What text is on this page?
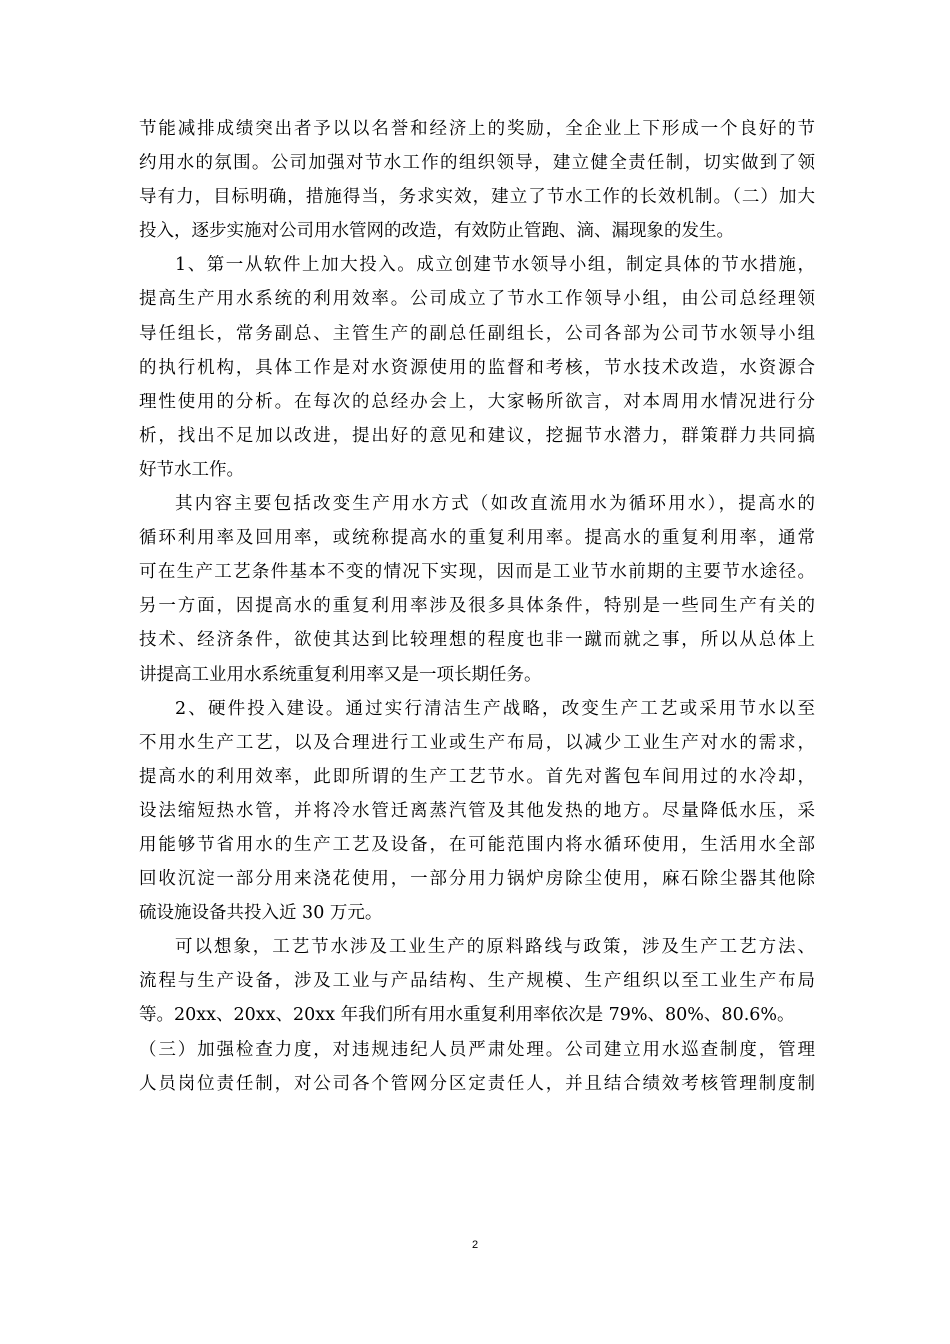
节能减排成绩突出者予以以名誉和经济上的奖励，全企业上下形成一个良好的节
约用水的氛围。公司加强对节水工作的组织领导，建立健全责任制，切实做到了领
导有力，目标明确，措施得当，务求实效，建立了节水工作的长效机制。（二）加大
投入，逐步实施对公司用水管网的改造，有效防止管跑、滴、漏现象的发生。
1、第一从软件上加大投入。成立创建节水领导小组，制定具体的节水措施，
提高生产用水系统的利用效率。公司成立了节水工作领导小组，由公司总经理领
导任组长，常务副总、主管生产的副总任副组长，公司各部为公司节水领导小组
的执行机构，具体工作是对水资源使用的监督和考核，节水技术改造，水资源合
理性使用的分析。在每次的总经办会上，大家畅所欲言，对本周用水情况进行分
析，找出不足加以改进，提出好的意见和建议，挖掘节水潜力，群策群力共同搞
好节水工作。
其内容主要包括改变生产用水方式（如改直流用水为循环用水），提高水的
循环利用率及回用率，或统称提高水的重复利用率。提高水的重复利用率，通常
可在生产工艺条件基本不变的情况下实现，因而是工业节水前期的主要节水途径。
另一方面，因提高水的重复利用率涉及很多具体条件，特别是一些同生产有关的
技术、经济条件，欲使其达到比较理想的程度也非一蹴而就之事，所以从总体上
讲提高工业用水系统重复利用率又是一项长期任务。
2、硬件投入建设。通过实行清洁生产战略，改变生产工艺或采用节水以至
不用水生产工艺，以及合理进行工业或生产布局，以减少工业生产对水的需求，
提高水的利用效率，此即所谓的生产工艺节水。首先对酱包车间用过的水冷却，
设法缩短热水管，并将冷水管迁离蒸汽管及其他发热的地方。尽量降低水压，采
用能够节省用水的生产工艺及设备，在可能范围内将水循环使用，生活用水全部
回收沉淀一部分用来浇花使用，一部分用力锅炉房除尘使用，麻石除尘器其他除
硫设施设备共投入近 30 万元。
可以想象，工艺节水涉及工业生产的原料路线与政策，涉及生产工艺方法、
流程与生产设备，涉及工业与产品结构、生产规模、生产组织以至工业生产布局
等。20xx、20xx、20xx 年我们所有用水重复利用率依次是 79%、80%、80.6%。
（三）加强检查力度，对违规违纪人员严肃处理。公司建立用水巡查制度，管理
人员岗位责任制，对公司各个管网分区定责任人，并且结合绩效考核管理制度制
2
